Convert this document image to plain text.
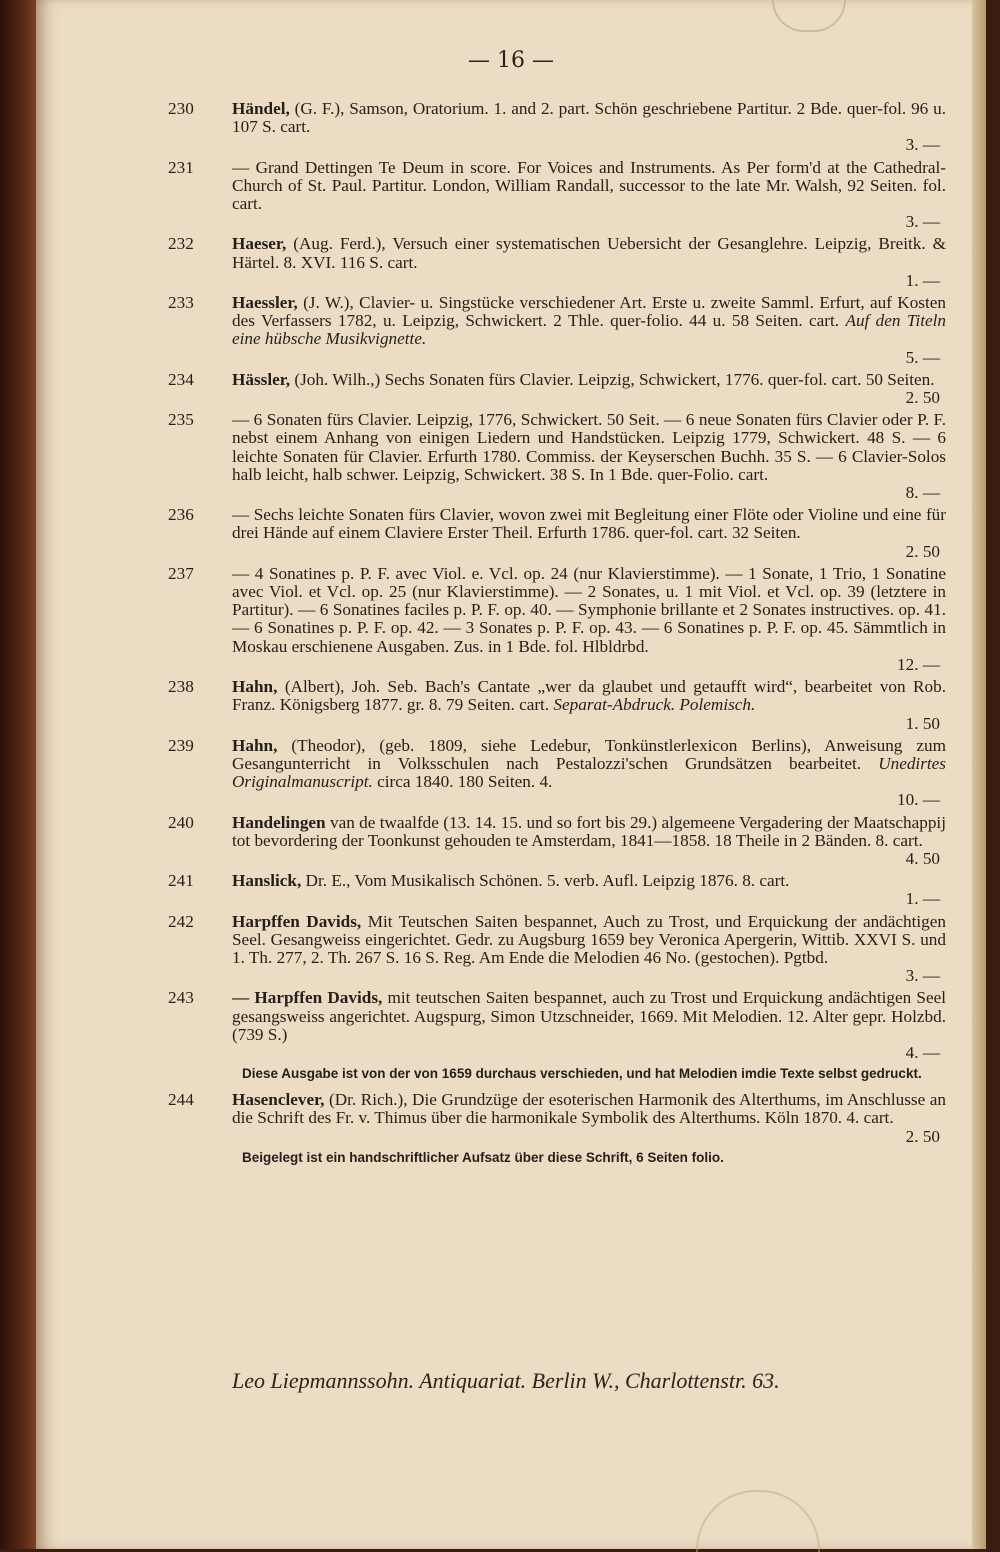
— 16 —
230	Händel, (G. F.), Samson, Oratorium. 1. and 2. part. Schön geschriebene Partitur. 2 Bde. quer-fol. 96 u. 107 S. cart.
3. —
231	— Grand Dettingen Te Deum in score. For Voices and Instruments. As Per form'd at the Cathedral-Church of St. Paul. Partitur. London, William Randall, successor to the late Mr. Walsh, 92 Seiten. fol. cart.
3. —
232	Haeser, (Aug. Ferd.), Versuch einer systematischen Uebersicht der Gesanglehre. Leipzig, Breitk. & Härtel. 8. XVI. 116 S. cart.
1. —
233	Haessler, (J. W.), Clavier- u. Singstücke verschiedener Art. Erste u. zweite Samml. Erfurt, auf Kosten des Verfassers 1782, u. Leipzig, Schwickert. 2 Thle. quer-folio. 44 u. 58 Seiten. cart. Auf den Titeln eine hübsche Musikvignette.
5. —
234	Hässler, (Joh. Wilh.,) Sechs Sonaten fürs Clavier. Leipzig, Schwickert, 1776. quer-fol. cart. 50 Seiten.
2. 50
235	— 6 Sonaten fürs Clavier. Leipzig, 1776, Schwickert. 50 Seit. — 6 neue Sonaten fürs Clavier oder P. F. nebst einem Anhang von einigen Liedern und Handstücken. Leipzig 1779, Schwickert. 48 S. — 6 leichte Sonaten für Clavier. Erfurth 1780. Commiss. der Keyserschen Buchh. 35 S. — 6 Clavier-Solos halb leicht, halb schwer. Leipzig, Schwickert. 38 S. In 1 Bde. quer-Folio. cart.
8. —
236	— Sechs leichte Sonaten fürs Clavier, wovon zwei mit Begleitung einer Flöte oder Violine und eine für drei Hände auf einem Claviere Erster Theil. Erfurth 1786. quer-fol. cart. 32 Seiten.
2. 50
237	— 4 Sonatines p. P. F. avec Viol. e. Vcl. op. 24 (nur Klavierstimme). — 1 Sonate, 1 Trio, 1 Sonatine avec Viol. et Vcl. op. 25 (nur Klavierstimme). — 2 Sonates, u. 1 mit Viol. et Vcl. op. 39 (letztere in Partitur). — 6 Sonatines faciles p. P. F. op. 40. — Symphonie brillante et 2 Sonates instructives. op. 41. — 6 Sonatines p. P. F. op. 42. — 3 Sonates p. P. F. op. 43. — 6 Sonatines p. P. F. op. 45. Sämmtlich in Moskau erschienene Ausgaben. Zus. in 1 Bde. fol. Hlbldrbd.
12. —
238	Hahn, (Albert), Joh. Seb. Bach's Cantate „wer da glaubet und getaufft wird“, bearbeitet von Rob. Franz. Königsberg 1877. gr. 8. 79 Seiten. cart. Separat-Abdruck. Polemisch.
1. 50
239	Hahn, (Theodor), (geb. 1809, siehe Ledebur, Tonkünstlerlexicon Berlins), Anweisung zum Gesangunterricht in Volksschulen nach Pestalozzi'schen Grundsätzen bearbeitet. Unedirtes Originalmanuscript. circa 1840. 180 Seiten. 4.
10. —
240	Handelingen van de twaalfde (13. 14. 15. und so fort bis 29.) algemeene Vergadering der Maatschappij tot bevordering der Toonkunst gehouden te Amsterdam, 1841—1858. 18 Theile in 2 Bänden. 8. cart.
4. 50
241	Hanslick, Dr. E., Vom Musikalisch Schönen. 5. verb. Aufl. Leipzig 1876. 8. cart.
1. —
242	Harpffen Davids, Mit Teutschen Saiten bespannet, Auch zu Trost, und Erquickung der andächtigen Seel. Gesangweiss eingerichtet. Gedr. zu Augsburg 1659 bey Veronica Apergerin, Wittib. XXVI S. und 1. Th. 277, 2. Th. 267 S. 16 S. Reg. Am Ende die Melodien 46 No. (gestochen). Pgtbd.
3. —
243	— Harpffen Davids, mit teutschen Saiten bespannet, auch zu Trost und Erquickung andächtigen Seel gesangsweiss angerichtet. Augspurg, Simon Utzschneider, 1669. Mit Melodien. 12. Alter gepr. Holzbd. (739 S.)
4. —
Diese Ausgabe ist von der von 1659 durchaus verschieden, und hat Melodien imdie Texte selbst gedruckt.
244	Hasenclever, (Dr. Rich.), Die Grundzüge der esoterischen Harmonik des Alterthums, im Anschlusse an die Schrift des Fr. v. Thimus über die harmonikale Symbolik des Alterthums. Köln 1870. 4. cart.
2. 50
Beigelegt ist ein handschriftlicher Aufsatz über diese Schrift, 6 Seiten folio.
Leo Liepmannssohn. Antiquariat. Berlin W., Charlottenstr. 63.
